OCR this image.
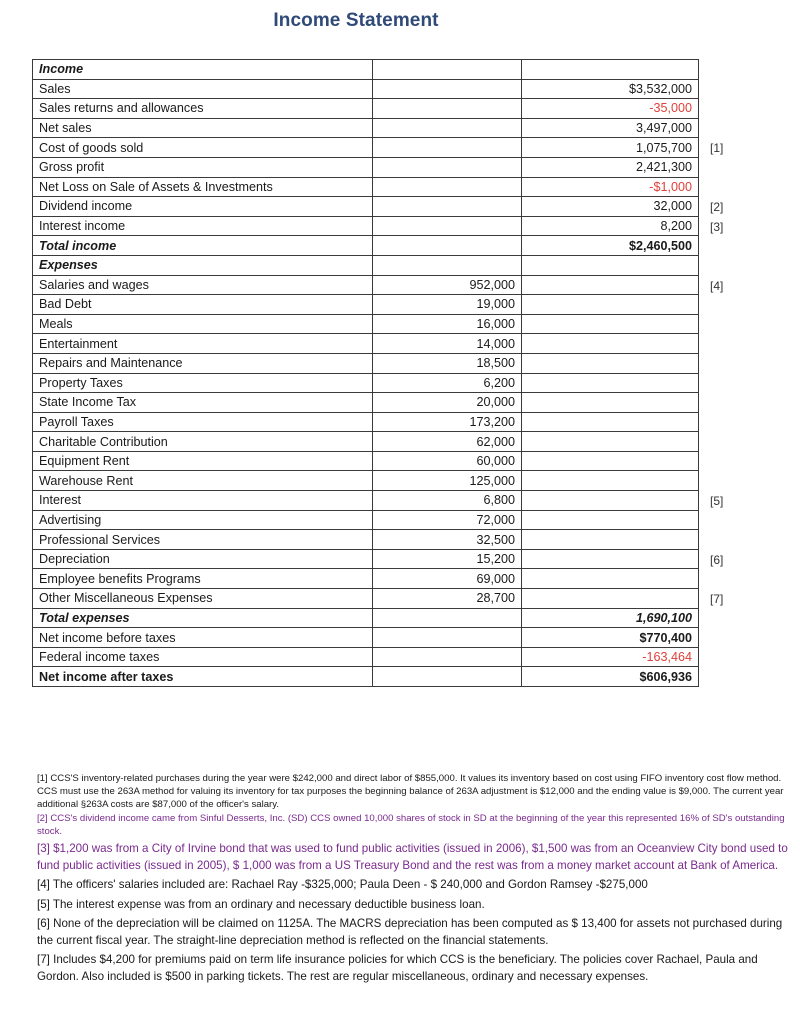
Income Statement
Income		
Sales		$3,532,000
Sales returns and allowances		-35,000
Net sales		3,497,000
Cost of goods sold		1,075,700 [1]

Gross profit		2,421,300
Net Loss on Sale of Assets & Investments		-$1,000
Dividend income		32,000 [2]

Interest income		8,200 [3]

Total income		$2,460,500
Expenses		
Salaries and wages	952,000	[4]

Bad Debt	19,000	
Meals	16,000	
Entertainment	14,000	
Repairs and Maintenance	18,500	
Property Taxes	6,200	
State Income Tax	20,000	
Payroll Taxes	173,200	
Charitable Contribution	62,000	
Equipment Rent	60,000	
Warehouse Rent	125,000	
Interest	6,800	[5]

Advertising	72,000	
Professional Services	32,500	
Depreciation	15,200	[6]

Employee benefits Programs	69,000	
Other Miscellaneous Expenses	28,700	[7]

Total expenses		1,690,100
Net income before taxes		$770,400
Federal income taxes		-163,464
Net income after taxes		$606,936

[1] CCS'S inventory-related purchases during the year were $242,000 and direct labor of $855,000. It values its inventory based on cost using FIFO inventory cost flow method. CCS must use the 263A method for valuing its inventory for tax purposes the beginning balance of 263A adjustment is $12,000 and the ending value is $9,000. The current year additional §263A costs are $87,000 of the officer's salary.

[2] CCS's dividend income came from Sinful Desserts, Inc. (SD) CCS owned 10,000 shares of stock in SD at the beginning of the year this represented 16% of SD's outstanding stock.

[3] $1,200 was from a City of Irvine bond that was used to fund public activities (issued in 2006), $1,500 was from an Oceanview City bond used to fund public activities (issued in 2005), $ 1,000 was from a US Treasury Bond and the rest was from a money market account at Bank of America.

[4] The officers' salaries included are: Rachael Ray -$325,000; Paula Deen - $ 240,000 and Gordon Ramsey -$275,000

[5] The interest expense was from an ordinary and necessary deductible business loan.

[6] None of the depreciation will be claimed on 1125A. The MACRS depreciation has been computed as $ 13,400 for assets not purchased during the current fiscal year. The straight-line depreciation method is reflected on the financial statements.

[7] Includes $4,200 for premiums paid on term life insurance policies for which CCS is the beneficiary. The policies cover Rachael, Paula and Gordon. Also included is $500 in parking tickets. The rest are regular miscellaneous, ordinary and necessary expenses.
